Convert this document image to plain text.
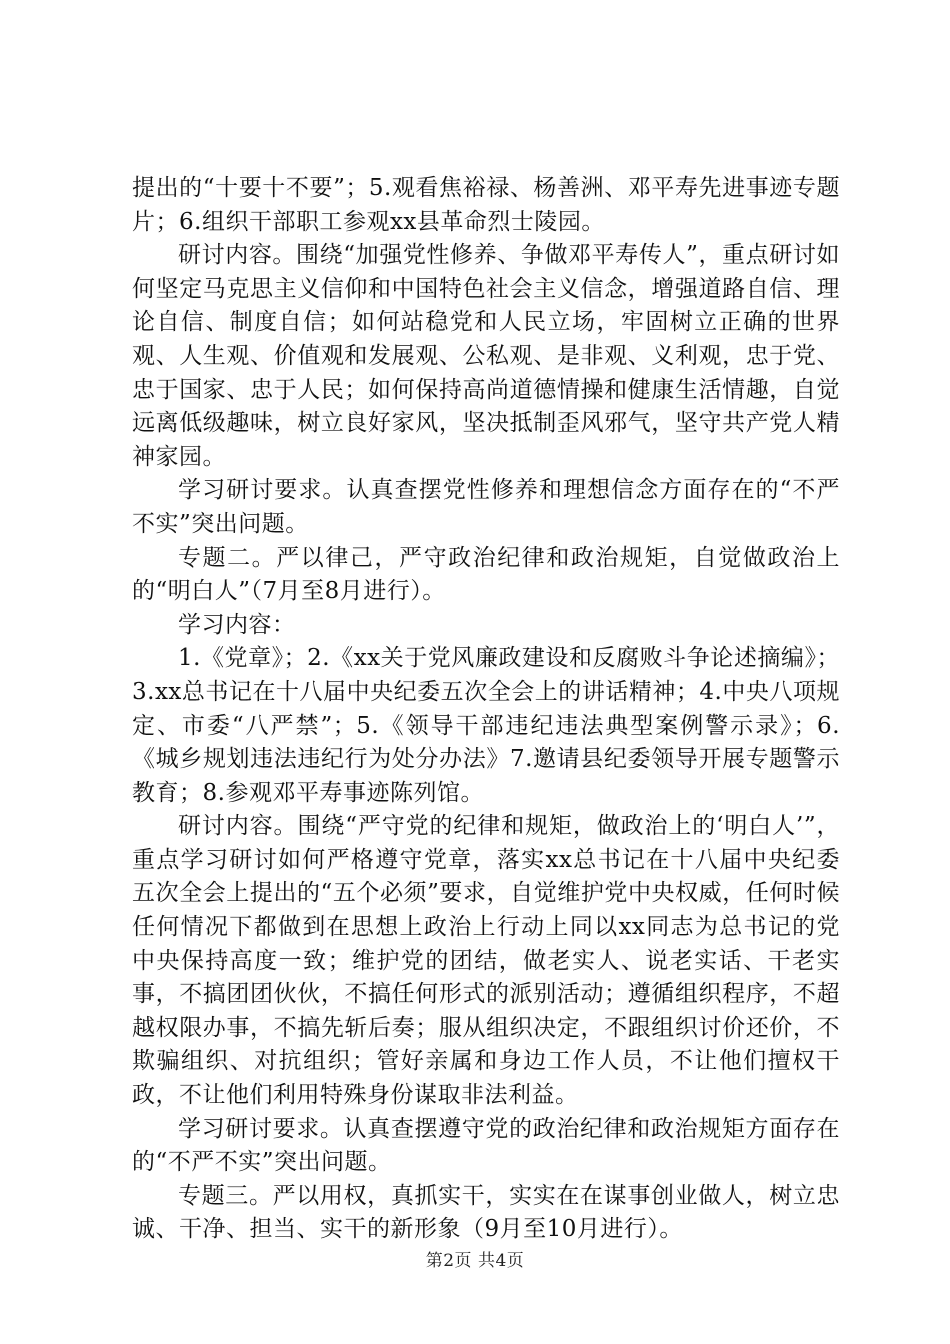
提出的“十要十不要”；5.观看焦裕禄、杨善洲、邓平寿先进事迹专题片；6.组织干部职工参观xx县革命烈士陵园。

研讨内容。围绕“加强党性修养、争做邓平寿传人”，重点研讨如何坚定马克思主义信仰和中国特色社会主义信念，增强道路自信、理论自信、制度自信；如何站稳党和人民立场，牢固树立正确的世界观、人生观、价值观和发展观、公私观、是非观、义利观，忠于党、忠于国家、忠于人民；如何保持高尚道德情操和健康生活情趣，自觉远离低级趣味，树立良好家风，坚决抵制歪风邪气，坚守共产党人精神家园。

学习研讨要求。认真查摆党性修养和理想信念方面存在的“不严不实”突出问题。

专题二。严以律己，严守政治纪律和政治规矩，自觉做政治上的“明白人”（7月至8月进行）。

学习内容：

1.《党章》；2.《xx关于党风廉政建设和反腐败斗争论述摘编》；3.xx总书记在十八届中央纪委五次全会上的讲话精神；4.中央八项规定、市委“八严禁”；5.《领导干部违纪违法典型案例警示录》；6.《城乡规划违法违纪行为处分办法》7.邀请县纪委领导开展专题警示教育；8.参观邓平寿事迹陈列馆。

研讨内容。围绕“严守党的纪律和规矩，做政治上的‘明白人’”，重点学习研讨如何严格遵守党章，落实xx总书记在十八届中央纪委五次全会上提出的“五个必须”要求，自觉维护党中央权威，任何时候任何情况下都做到在思想上政治上行动上同以xx同志为总书记的党中央保持高度一致；维护党的团结，做老实人、说老实话、干老实事，不搞团团伙伙，不搞任何形式的派别活动；遵循组织程序，不超越权限办事，不搞先斩后奏；服从组织决定，不跟组织讨价还价，不欺骗组织、对抗组织；管好亲属和身边工作人员，不让他们擅权干政，不让他们利用特殊身份谋取非法利益。

学习研讨要求。认真查摆遵守党的政治纪律和政治规矩方面存在的“不严不实”突出问题。

专题三。严以用权，真抓实干，实实在在谋事创业做人，树立忠诚、干净、担当、实干的新形象（9月至10月进行）。

第2页 共4页
